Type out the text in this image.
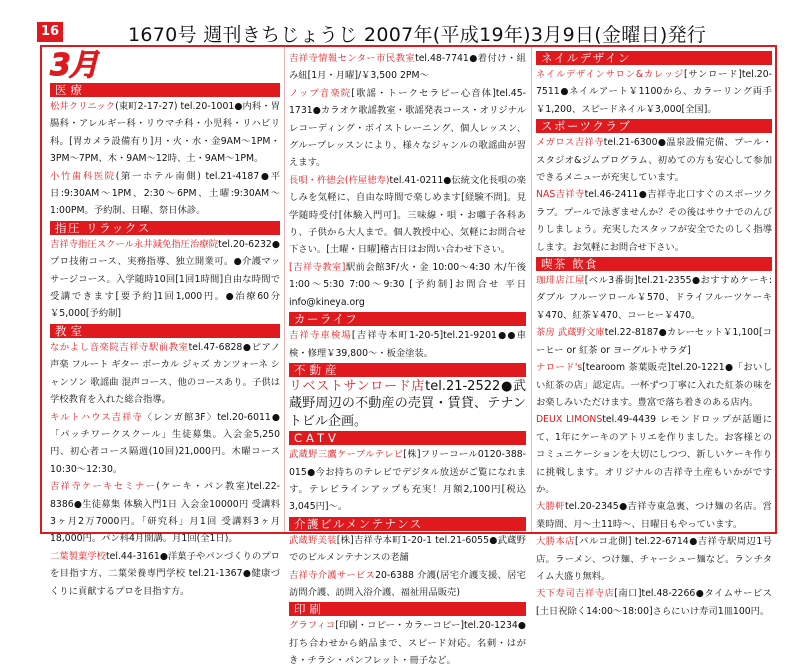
16	1670号 週刊きちじょうじ 2007年(平成19年)3月9日(金曜日)発行
3月
医療
松井クリニック(東町2-17-27) tel.20-1001●内科・胃腸科・アレルギー科・リウマチ科・小児科・リハビリ科。[胃カメラ設備有り]月・火・水・金9AM〜1PM・3PM〜7PM、木・9AM〜12時、土・9AM〜1PM。
小竹歯科医院(第一ホテル南側) tel.21-4187●平日:9:30AM〜1PM、2:30〜6PM、土曜:9:30AM〜1:00PM。予約制、日曜、祭日休診。
指圧 リラックス
吉祥寺指圧スクール永井減免指圧治療院tel.20-6232●プロ技術コース、実務指導、独立開業可。●介護マッサージコース。入学随時10回[1回1時間]自由な時間で受講できます[要予約]1回1,000円。●治療60分￥5,000[予約制]
教室
なかよし音楽院吉祥寺駅前教室tel.47-6828●ピアノ 声楽 フルート ギター ボーカル ジャズ カンツォーネ シャンソン 歌謡曲 混声コース、他のコースあり。子供は学校教育を入れた総合指導。
キルトハウス吉祥寺〈レンガ館3F〉tel.20-6011●「パッチワークスクール」生徒募集。入会金5,250円、初心者コース隔週(10回)21,000円。木曜コース10:30〜12:30。
吉祥寺ケーキセミナー(ケーキ・パン教室)tel.22-8386●生徒募集 体験入門1日 入会金10000円 受講料3ヶ月2万7000円。「研究科」月1回 受講料3ヶ月18,000円。パン科4月開講。月1回(全1日)。
二葉製菓学校tel.44-3161●洋菓子やパンづくりのプロを目指す方、二葉栄養専門学校 tel.21-1367●健康づくりに貢献するプロを目指す方。
吉祥寺情報センター市民教室tel.48-7741●着付け・組み紐[1月・月曜]/￥3,500 2PM〜
ノップ音楽院[歌謡・トークセラピー心音体]tel.45-1731●カラオケ歌謡教室・歌謡発表コース・オリジナルレコーディング・ボイストレーニング、個人レッスン、グループレッスンにより、様々なジャンルの歌謡曲が習えます。
長唄・杵徳会(杵屋徳寿)tel.41-0211●伝統文化長唄の楽しみを気軽に、自由な時間で楽しめます[経験不問]。見学随時受付[体験入門可]。三味線・唄・お囃子各科あり、子供から大人まで。個人教授中心、気軽にお問合せ下さい。[土曜・日曜]稽古日はお問い合わせ下さい。
[吉祥寺教室]駅前会館3F/火・金 10:00〜4:30 木/午後1:00〜5:30 7:00〜9:30 [予約制]お問合せ 平日 info@kineya.org
カーライフ
吉祥寺車検場[吉祥寺本町1-20-5]tel.21-9201●●車検・修理￥39,800〜・板金塗装。
不動産
リベストサンロード店tel.21-2522●武蔵野周辺の不動産の売買・賃貸、テナントビル企画。
CATV
武蔵野三鷹ケーブルテレビ[株]フリーコール0120-388-015●今お持ちのテレビでデジタル放送がご覧になれます。テレビラインアップも充実！月額2,100円[税込3,045円]〜。
介護ビルメンテナンス
武蔵野美装[株]吉祥寺本町1-20-1 tel.21-6055●武蔵野でのビルメンテナンスの老舗
吉祥寺介護サービス20-6388 介護(居宅介護支援、居宅訪問介護、訪問入浴介護、福祉用品販売)
印刷
グラフィコ[印刷・コピー・カラーコピー]tel.20-1234●打ち合わせから納品まで、スピード対応。名刺・はがき・チラシ・パンフレット・冊子など。
ネイルデザイン
ネイルデザインサロン&カレッジ[サンロード]tel.20-7511●ネイルアート￥1100から、カラーリング両手￥1,200、スピードネイル￥3,000[全国]。
スポーツクラブ
メガロス吉祥寺tel.21-6300●温泉設備完備、プール・スタジオ&ジムプログラム、初めての方も安心して参加できるメニューが充実しています。
NAS吉祥寺tel.46-2411●吉祥寺北口すぐのスポーツクラブ。プールで泳ぎませんか？その後はサウナでのんびりしましょう。充実したスタッフが安全でたのしく指導します。お気軽にお問合せ下さい。
喫茶 飲食
珈琲店江屋[ベル3番街]tel.21-2355●おすすめケーキ:ダブル フルーツロール￥570、ドライフルーツケーキ￥470、紅茶￥470、コーヒー￥470。
茶房 武蔵野文庫tel.22-8187●カレーセット￥1,100[コーヒー or 紅茶 or ヨーグルトサラダ]
ナロード's[tearoom 茶葉販売]tel.20-1221●「おいしい紅茶の店」認定店。一杯ずつ丁寧に入れた紅茶の味をお楽しみいただけます。豊富で落ち着きのある店内。
DEUX LIMONStel.49-4439 レモンドロップが話題にて、1年にケーキのアトリエを作りました。お客様とのコミュニケーションを大切にしつつ、新しいケーキ作りに挑戦します。オリジナルの吉祥寺土産もいかがですか。
大勝軒tel.20-2345●吉祥寺東急裏、つけ麺の名店。営業時間、月〜土11時〜、日曜日もやっています。
大勝本店[パルコ北側] tel.22-6714●吉祥寺駅周辺1号店。ラーメン、つけ麺、チャーシュー麺など。ランチタイム大盛り無料。
天下寿司吉祥寺店[南口]tel.48-2266●タイムサービス[土日祝除く14:00〜18:00]さらにいけ寿司1皿100円。
